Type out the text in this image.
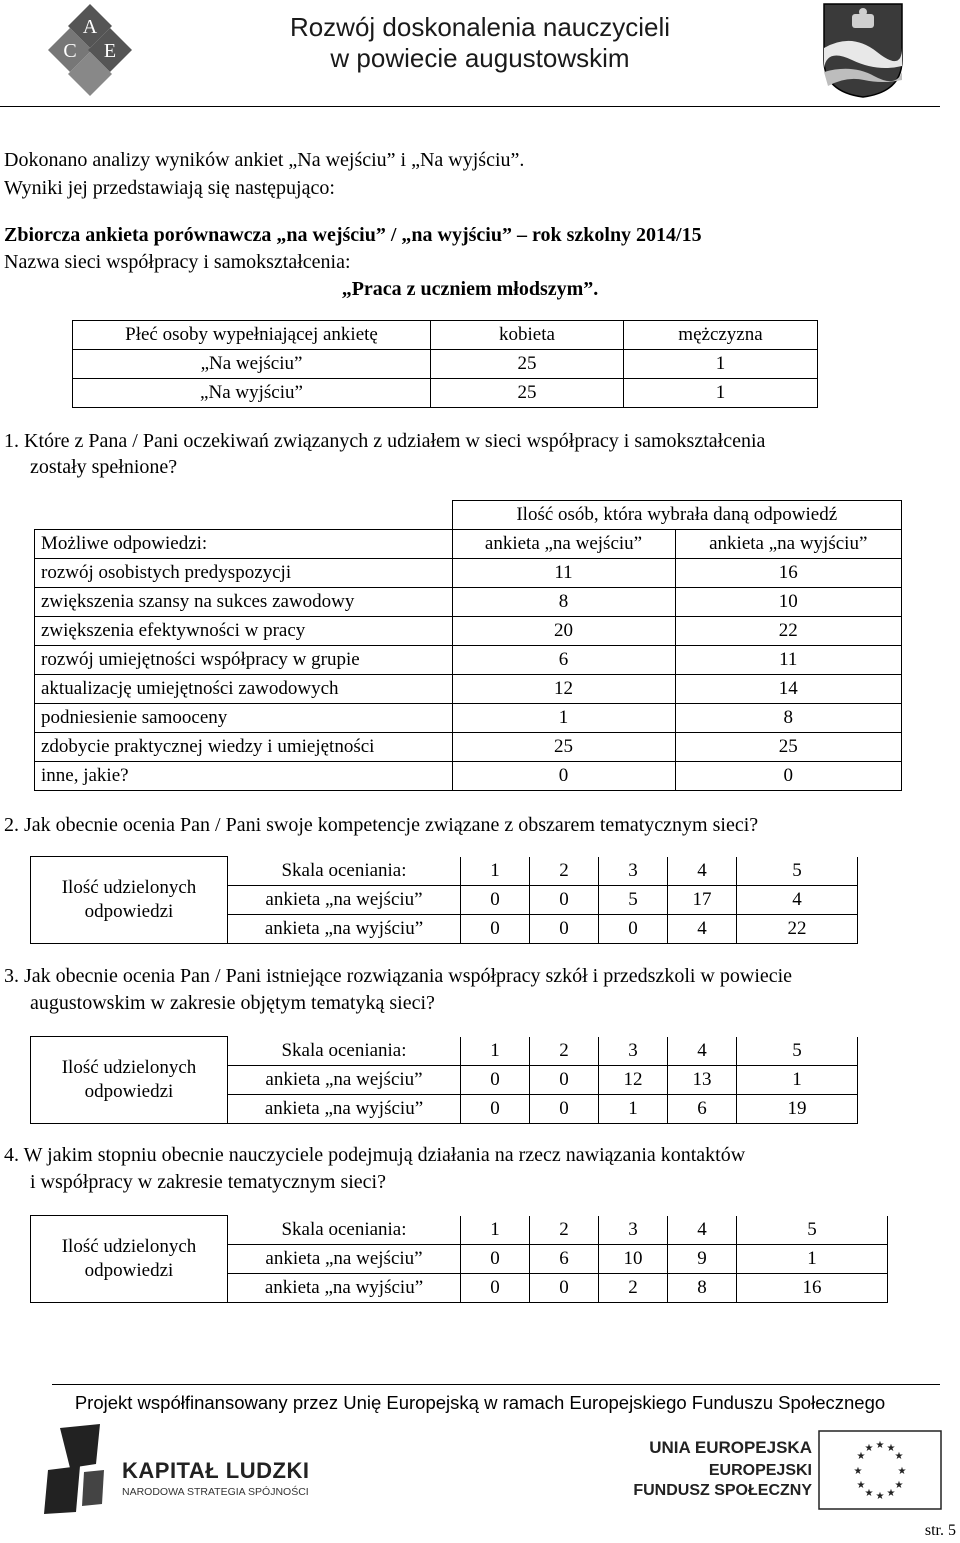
A
C E
Rozwój doskonalenia nauczycieli
w powiecie augustowskim
Dokonano analizy wyników ankiet „Na wejściu” i „Na wyjściu”.
Wyniki jej przedstawiają się następująco:
Zbiorcza ankieta porównawcza „na wejściu” / „na wyjściu” – rok szkolny 2014/15
Nazwa sieci współpracy i samokształcenia:
„Praca z uczniem młodszym”.
Płeć osoby wypełniającej ankietę	kobieta	mężczyzna
„Na wejściu”	25	1
„Na wyjściu”	25	1
1. Które z Pana / Pani oczekiwań związanych z udziałem w sieci współpracy i samokształcenia
zostały spełnione?
	Ilość osób, która wybrała daną odpowiedź	
Możliwe odpowiedzi:	ankieta „na wejściu”	ankieta „na wyjściu”
rozwój osobistych predyspozycji	11	16
zwiększenia szansy na sukces zawodowy	8	10
zwiększenia efektywności w pracy	20	22
rozwój umiejętności współpracy w grupie	6	11
aktualizację umiejętności zawodowych	12	14
podniesienie samooceny	1	8
zdobycie praktycznej wiedzy i umiejętności	25	25
inne, jakie?	0	0
2. Jak obecnie ocenia Pan / Pani swoje kompetencje związane z obszarem tematycznym sieci?
Ilość udzielonych
odpowiedzi	Skala oceniania:	1	2	3	4	5
	ankieta „na wejściu”	0	0	5	17	4
	ankieta „na wyjściu”	0	0	0	4	22
3. Jak obecnie ocenia Pan / Pani istniejące rozwiązania współpracy szkół i przedszkoli w powiecie
augustowskim w zakresie objętym tematyką sieci?
Ilość udzielonych
odpowiedzi	Skala oceniania:	1	2	3	4	5
	ankieta „na wejściu”	0	0	12	13	1
	ankieta „na wyjściu”	0	0	1	6	19
4. W jakim stopniu obecnie nauczyciele podejmują działania na rzecz nawiązania kontaktów
i współpracy w zakresie tematycznym sieci?
Ilość udzielonych
odpowiedzi	Skala oceniania:	1	2	3	4	5
	ankieta „na wejściu”	0	6	10	9	1
	ankieta „na wyjściu”	0	0	2	8	16
Projekt współfinansowany przez Unię Europejską w ramach Europejskiego Funduszu Społecznego
KAPITAŁ LUDZKI
NARODOWA STRATEGIA SPÓJNOŚCI
UNIA EUROPEJSKA
EUROPEJSKI
FUNDUSZ SPOŁECZNY
★ ★
★
★
★
★
★
★
★
★
★
★
str. 5
